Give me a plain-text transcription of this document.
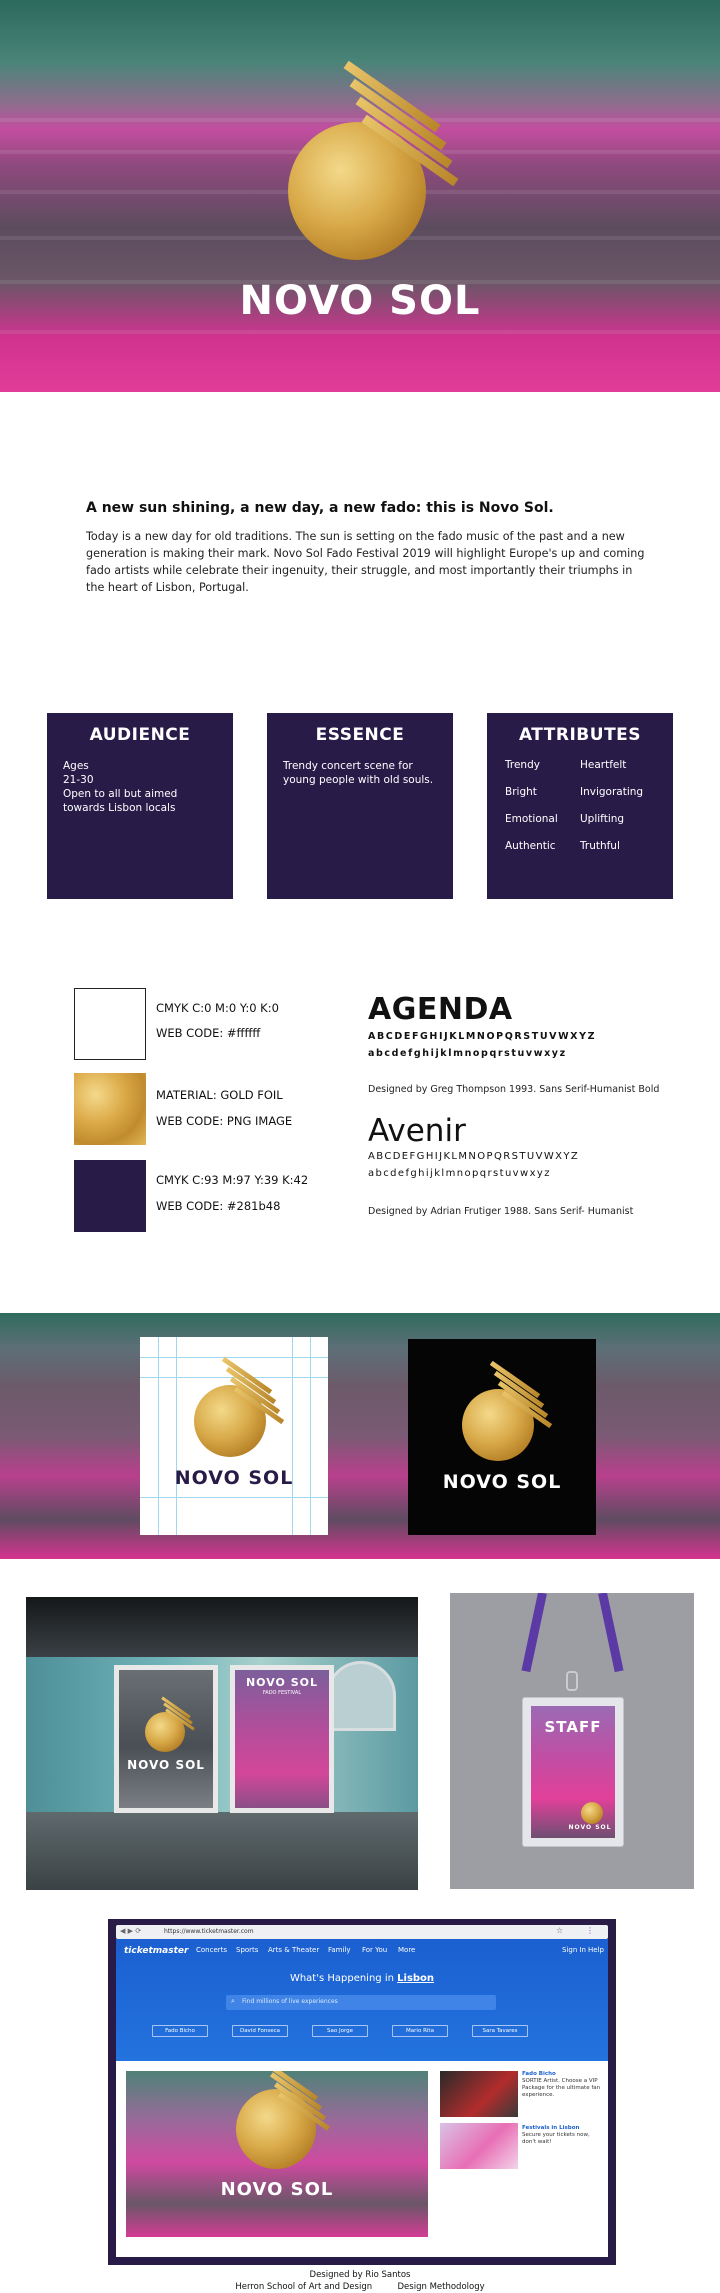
NOVO SOL
A new sun shining, a new day, a new fado: this is Novo Sol.
Today is a new day for old traditions. The sun is setting on the fado music of the past and a new generation is making their mark. Novo Sol Fado Festival 2019 will highlight Europe's up and coming fado artists while celebrate their ingenuity, their struggle, and most importantly their triumphs in the heart of Lisbon, Portugal.
AUDIENCE
Ages
21-30
Open to all but aimed
towards Lisbon locals
ESSENCE
Trendy concert scene for
young people with old souls.
ATTRIBUTES
Trendy	Heartfelt
Bright	Invigorating
Emotional	Uplifting
Authentic	Truthful
CMYK C:0 M:0 Y:0 K:0
WEB CODE: #ffffff
MATERIAL: GOLD FOIL
WEB CODE: PNG IMAGE
CMYK C:93 M:97 Y:39 K:42
WEB CODE: #281b48
AGENDA
ABCDEFGHIJKLMNOPQRSTUVWXYZ
abcdefghijklmnopqrstuvwxyz
Designed by Greg Thompson 1993. Sans Serif-Humanist Bold
Avenir
ABCDEFGHIJKLMNOPQRSTUVWXYZ
abcdefghijklmnopqrstuvwxyz
Designed by Adrian Frutiger 1988. Sans Serif- Humanist
NOVO SOL	NOVO SOL
NOVO SOL
NOVO SOL
FADO FESTIVAL
STAFF
NOVO SOL
◀ ▶ ⟳	https://www.ticketmaster.com	☆	⋮
ticketmaster Concerts Sports Arts & Theater Family For You More	Sign In Help
What's Happening in Lisbon
⌕ Find millions of live experiences
Fado Bicho	David Fonseca	Sao Jorge	Mario Rita	Sara Tavares
NOVO SOL
Fado Bicho
SORTIE Artist. Choose a VIP Package for the ultimate fan experience.
Festivals in Lisbon
Secure your tickets now, don't wait!
Designed by Rio Santos
Herron School of Art and Design	Design Methodology
